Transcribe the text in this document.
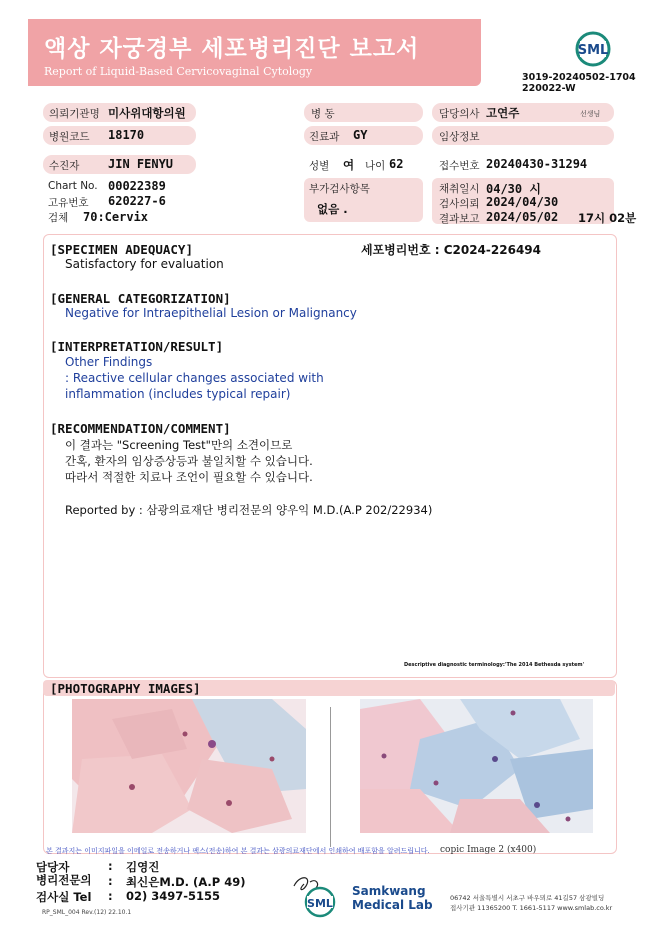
액상 자궁경부 세포병리진단 보고서
Report of Liquid-Based Cervicovaginal Cytology
SML
3019-20240502-1704
220022-W
의뢰기관명 미사위대항의원	병 동	담당의사 고연주	선생님
병원코드 18170	진료과 GY	임상정보
수진자 JIN FENYU	성별 여 나이 62	접수번호 20240430-31294
Chart No. 00022389
고유번호 620227-6
검체 70:Cervix
부가검사항목
없음 .
채취일시 04/30 시
검사의뢰 2024/04/30
결과보고 2024/05/02 17시 02분
[SPECIMEN ADEQUACY]
Satisfactory for evaluation
세포병리번호 : C2024-226494
[GENERAL CATEGORIZATION]
Negative for Intraepithelial Lesion or Malignancy
[INTERPRETATION/RESULT]
Other Findings
: Reactive cellular changes associated with
inflammation (includes typical repair)
[RECOMMENDATION/COMMENT]
이 결과는 "Screening Test"만의 소견이므로
간혹, 환자의 임상증상등과 불일치할 수 있습니다.
따라서 적절한 치료나 조언이 필요할 수 있습니다.
Reported by : 삼광의료재단 병리전문의 양우익 M.D.(A.P 202/22934)
Descriptive diagnostic terminology:'The 2014 Bethesda system'
[PHOTOGRAPHY IMAGES]
copic Image 2 (x400)
본 결과지는 이미지파일을 이메일로 전송하거나 팩스(전송)하여 본 결과는 삼광의료재단에서 인쇄하여 배포함을 알려드립니다.
담당자	: 김영진
병리전문의 : 최신은M.D. (A.P 49)
검사실 Tel : 02) 3497-5155
RP_SML_004 Rev.(12) 22.10.1
SML
Samkwang
Medical Lab	06742 서울특별시 서초구 바우뫼로 41길57 삼광빌딩
접사기관 11365200 T. 1661-5117 www.smlab.co.kr
